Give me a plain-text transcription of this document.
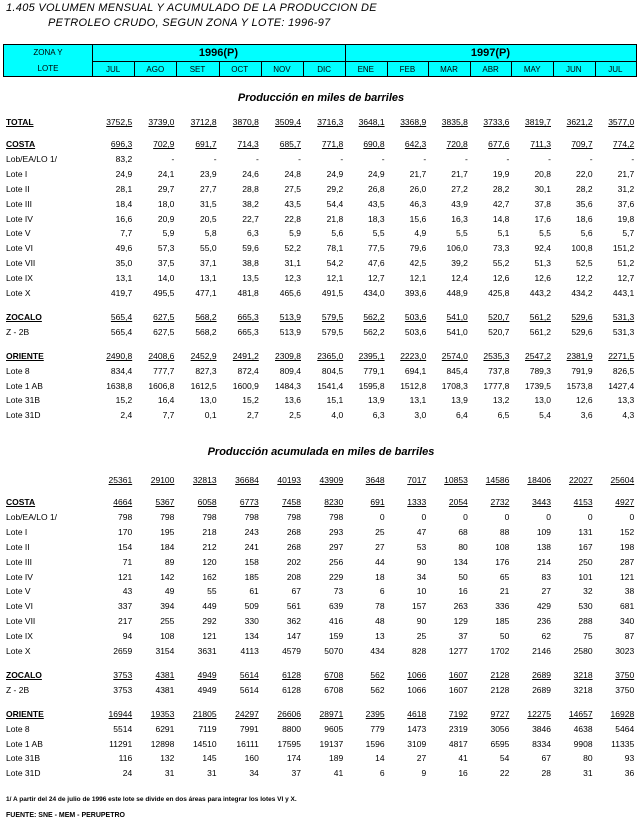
1.405 VOLUMEN MENSUAL Y ACUMULADO DE LA PRODUCCION DE
PETROLEO CRUDO, SEGUN ZONA Y LOTE: 1996-97
ZONA Y
LOTE
1996(P)	1997(P)
JUL	AGO	SET	OCT	NOV	DIC	ENE	FEB	MAR	ABR	MAY	JUN	JUL
Producción en miles de barriles
TOTAL	3752,5	3739,0	3712,8	3870,8	3509,4	3716,3	3648,1	3368,9	3835,8	3733,6	3819,7	3621,2	3577,0
COSTA	696,3	702,9	691,7	714,3	685,7	771,8	690,8	642,3	720,8	677,6	711,3	709,7	774,2
Lob/EA/LO 1/	83,2	-	-	-	-	-	-	-	-	-	-	-	-
Lote I	24,9	24,1	23,9	24,6	24,8	24,9	24,9	21,7	21,7	19,9	20,8	22,0	21,7
Lote II	28,1	29,7	27,7	28,8	27,5	29,2	26,8	26,0	27,2	28,2	30,1	28,2	31,2
Lote III	18,4	18,0	31,5	38,2	43,5	54,4	43,5	46,3	43,9	42,7	37,8	35,6	37,6
Lote IV	16,6	20,9	20,5	22,7	22,8	21,8	18,3	15,6	16,3	14,8	17,6	18,6	19,8
Lote V	7,7	5,9	5,8	6,3	5,9	5,6	5,5	4,9	5,5	5,1	5,5	5,6	5,7
Lote VI	49,6	57,3	55,0	59,6	52,2	78,1	77,5	79,6	106,0	73,3	92,4	100,8	151,2
Lote VII	35,0	37,5	37,1	38,8	31,1	54,2	47,6	42,5	39,2	55,2	51,3	52,5	51,2
Lote IX	13,1	14,0	13,1	13,5	12,3	12,1	12,7	12,1	12,4	12,6	12,6	12,2	12,7
Lote X	419,7	495,5	477,1	481,8	465,6	491,5	434,0	393,6	448,9	425,8	443,2	434,2	443,1
ZOCALO	565,4	627,5	568,2	665,3	513,9	579,5	562,2	503,6	541,0	520,7	561,2	529,6	531,3
Z - 2B	565,4	627,5	568,2	665,3	513,9	579,5	562,2	503,6	541,0	520,7	561,2	529,6	531,3
ORIENTE	2490,8	2408,6	2452,9	2491,2	2309,8	2365,0	2395,1	2223,0	2574,0	2535,3	2547,2	2381,9	2271,5
Lote 8	834,4	777,7	827,3	872,4	809,4	804,5	779,1	694,1	845,4	737,8	789,3	791,9	826,5
Lote 1 AB	1638,8	1606,8	1612,5	1600,9	1484,3	1541,4	1595,8	1512,8	1708,3	1777,8	1739,5	1573,8	1427,4
Lote 31B	15,2	16,4	13,0	15,2	13,6	15,1	13,9	13,1	13,9	13,2	13,0	12,6	13,3
Lote 31D	2,4	7,7	0,1	2,7	2,5	4,0	6,3	3,0	6,4	6,5	5,4	3,6	4,3
Producción acumulada en miles de barriles
25361	29100	32813	36684	40193	43909	3648	7017	10853	14586	18406	22027	25604
COSTA	4664	5367	6058	6773	7458	8230	691	1333	2054	2732	3443	4153	4927
Lob/EA/LO 1/	798	798	798	798	798	798	0	0	0	0	0	0	0
Lote I	170	195	218	243	268	293	25	47	68	88	109	131	152
Lote II	154	184	212	241	268	297	27	53	80	108	138	167	198
Lote III	71	89	120	158	202	256	44	90	134	176	214	250	287
Lote IV	121	142	162	185	208	229	18	34	50	65	83	101	121
Lote V	43	49	55	61	67	73	6	10	16	21	27	32	38
Lote VI	337	394	449	509	561	639	78	157	263	336	429	530	681
Lote VII	217	255	292	330	362	416	48	90	129	185	236	288	340
Lote IX	94	108	121	134	147	159	13	25	37	50	62	75	87
Lote X	2659	3154	3631	4113	4579	5070	434	828	1277	1702	2146	2580	3023
ZOCALO	3753	4381	4949	5614	6128	6708	562	1066	1607	2128	2689	3218	3750
Z - 2B	3753	4381	4949	5614	6128	6708	562	1066	1607	2128	2689	3218	3750
ORIENTE	16944	19353	21805	24297	26606	28971	2395	4618	7192	9727	12275	14657	16928
Lote 8	5514	6291	7119	7991	8800	9605	779	1473	2319	3056	3846	4638	5464
Lote 1 AB	11291	12898	14510	16111	17595	19137	1596	3109	4817	6595	8334	9908	11335
Lote 31B	116	132	145	160	174	189	14	27	41	54	67	80	93
Lote 31D	24	31	31	34	37	41	6	9	16	22	28	31	36
1/ A partir del 24 de julio de 1996 este lote se divide en dos áreas para integrar los lotes VI y X.
FUENTE: SNE - MEM - PERUPETRO
